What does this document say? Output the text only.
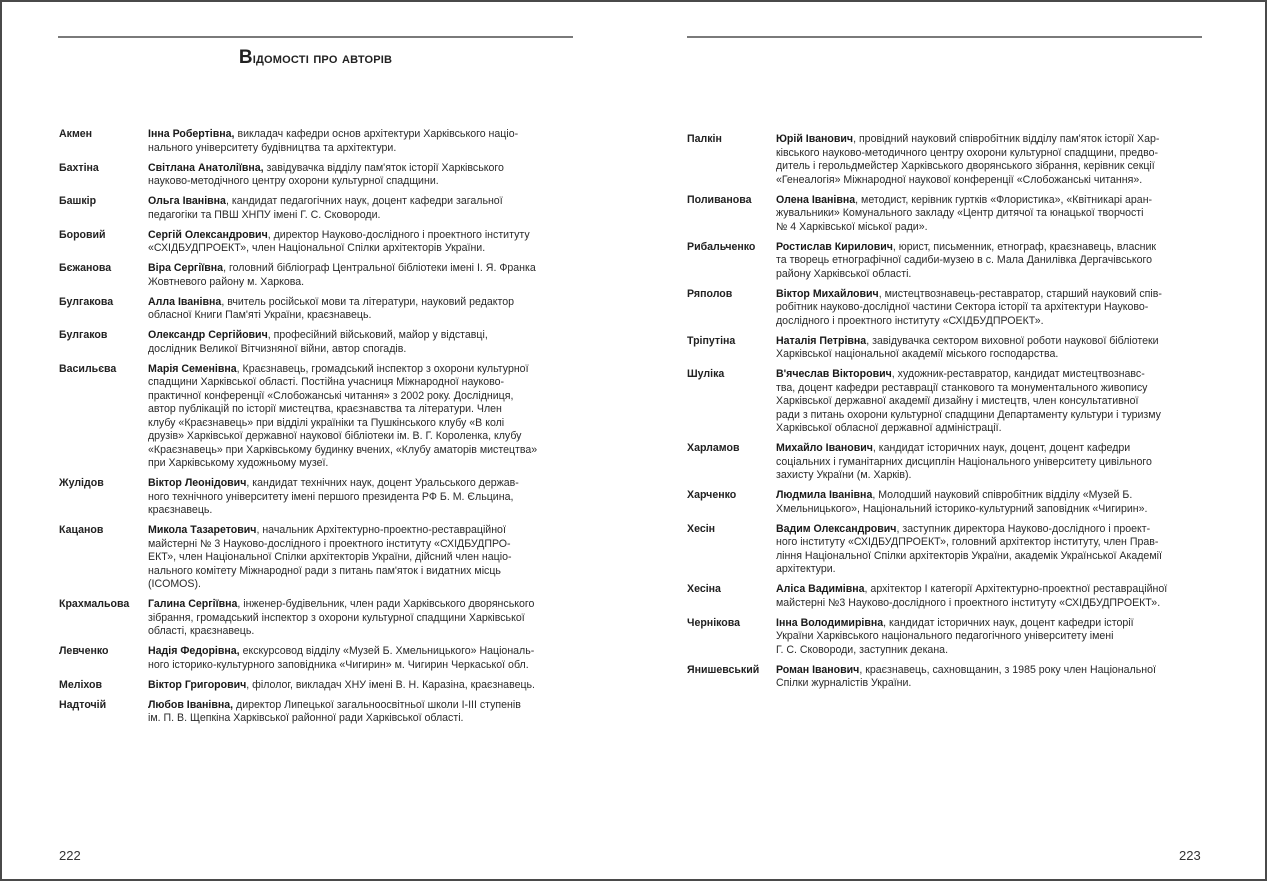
Відомості про авторів
Акмен	Інна Робертівна, викладач кафедри основ архітектури Харківського націо-
нального університету будівництва та архітектури.
Бахтіна	Світлана Анатоліївна, завідувачка відділу пам'яток історії Харківського
науково-методічного центру охорони культурної спадщини.
Башкір	Ольга Іванівна, кандидат педагогічних наук, доцент кафедри загальної
педагогіки та ПВШ ХНПУ імені Г. С. Сковороди.
Боровий	Сергій Олександрович, директор Науково-дослідного і проектного інституту
«СХІДБУДПРОЕКТ», член Національної Спілки архітекторів України.
Бєжанова	Віра Сергіївна, головний бібліограф Центральної бібліотеки імені І. Я. Франка
Жовтневого району м. Харкова.
Булгакова	Алла Іванівна, вчитель російської мови та літератури, науковий редактор
обласної Книги Пам'яті України, краєзнавець.
Булгаков	Олександр Сергійович, професійний військовий, майор у відставці,
дослідник Великої Вітчизняної війни, автор спогадів.
Васильєва	Марія Семенівна, Краєзнавець, громадський інспектор з охорони культурної
спадщини Харківської області. Постійна учасниця Міжнародної науково-
практичної конференції «Слобожанські читання» з 2002 року. Дослідниця,
автор публікацій по історії мистецтва, краєзнавства та літератури. Член
клубу «Краєзнавець» при відділі україніки та Пушкінського клубу «В колі
друзів» Харківської державної наукової бібліотеки ім. В. Г. Короленка, клубу
«Краєзнавець» при Харківському будинку вчених, «Клубу аматорів мистецтва»
при Харківському художньому музеї.
Жулідов	Віктор Леонідович, кандидат технічних наук, доцент Уральського держав-
ного технічного університету імені першого президента РФ Б. М. Єльцина,
краєзнавець.
Кацанов	Микола Тазаретович, начальник Архітектурно-проектно-реставраційної
майстерні № 3 Науково-дослідного і проектного інституту «СХІДБУДПРО-
ЕКТ», член Національної Спілки архітекторів України, дійсний член націо-
нального комітету Міжнародної ради з питань пам'яток і видатних місць
(ICOMOS).
Крахмальова	Галина Сергіївна, інженер-будівельник, член ради Харківського дворянського
зібрання, громадський інспектор з охорони культурної спадщини Харківської
області, краєзнавець.
Левченко	Надія Федорівна, екскурсовод відділу «Музей Б. Хмельницького» Національ-
ного історико-культурного заповідника «Чигирин» м. Чигирин Черкаської обл.
Меліхов	Віктор Григорович, філолог, викладач ХНУ імені В. Н. Каразіна, краєзнавець.
Надточій	Любов Іванівна, директор Липецької загальноосвітньої школи I-III ступенів
ім. П. В. Щепкіна Харківської районної ради Харківської області.
222
Палкін	Юрій Іванович, провідний науковий співробітник відділу пам'яток історії Хар-
ківського науково-методичного центру охорони культурної спадщини, предво-
дитель і герольдмейстер Харківського дворянського зібрання, керівник секції
«Генеалогія» Міжнародної наукової конференції «Слобожанські читання».
Поливанова	Олена Іванівна, методист, керівник гуртків «Флористика», «Квітникарі аран-
жувальники» Комунального закладу «Центр дитячої та юнацької творчості
№ 4 Харківської міської ради».
Рибальченко	Ростислав Кирилович, юрист, письменник, етнограф, краєзнавець, власник
та творець етнографічної садиби-музею в с. Мала Данилівка Дергачівського
району Харківської області.
Ряполов	Віктор Михайлович, мистецтвознавець-реставратор, старший науковий спів-
робітник науково-дослідної частини Сектора історії та архітектури Науково-
дослідного і проектного інституту «СХІДБУДПРОЕКТ».
Тріпутіна	Наталія Петрівна, завідувачка сектором виховної роботи наукової бібліотеки
Харківської національної академії міського господарства.
Шуліка	В'ячеслав Вікторович, художник-реставратор, кандидат мистецтвознавс-
тва, доцент кафедри реставрації станкового та монументального живопису
Харківської державної академії дизайну і мистецтв, член консультативної
ради з питань охорони культурної спадщини Департаменту культури і туризму
Харківської обласної державної адміністрації.
Харламов	Михайло Іванович, кандидат історичних наук, доцент, доцент кафедри
соціальних і гуманітарних дисциплін Національного університету цивільного
захисту України (м. Харків).
Харченко	Людмила Іванівна, Молодший науковий співробітник відділу «Музей Б.
Хмельницького», Національний історико-культурний заповідник «Чигирин».
Хесін	Вадим Олександрович, заступник директора Науково-дослідного і проект-
ного інституту «СХІДБУДПРОЕКТ», головний архітектор інституту, член Прав-
ління Національної Спілки архітекторів України, академік Української Академії
архітектури.
Хесіна	Аліса Вадимівна, архітектор І категорії Архітектурно-проектної реставраційної
майстерні №3 Науково-дослідного і проектного інституту «СХІДБУДПРОЕКТ».
Чернікова	Інна Володимирівна, кандидат історичних наук, доцент кафедри історії
України Харківського національного педагогічного університету імені
Г. С. Сковороди, заступник декана.
Янишевський	Роман Іванович, краєзнавець, сахновщанин, з 1985 року член Національної
Спілки журналістів України.
223
